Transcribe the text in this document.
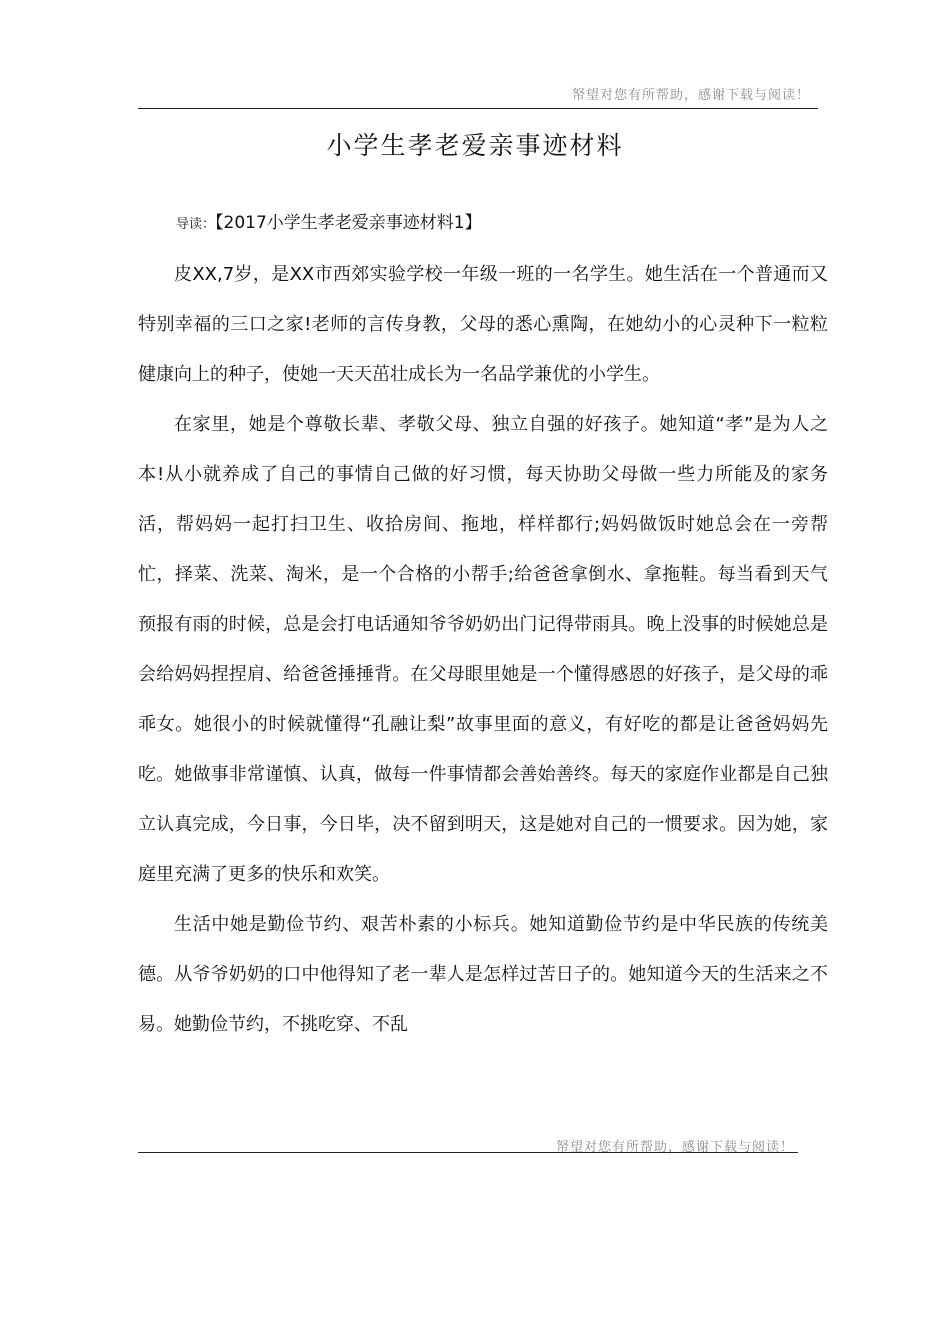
帑望对您有所帮助，感谢下载与阅读！
小学生孝老爱亲事迹材料
导读：【2017小学生孝老爱亲事迹材料1】

皮XX,7岁，是XX市西郊实验学校一年级一班的一名学生。她生活在一个普通而又特别幸福的三口之家!老师的言传身教，父母的悉心熏陶，在她幼小的心灵种下一粒粒健康向上的种子，使她一天天茁壮成长为一名品学兼优的小学生。

在家里，她是个尊敬长辈、孝敬父母、独立自强的好孩子。她知道“孝”是为人之本!从小就养成了自己的事情自己做的好习惯，每天协助父母做一些力所能及的家务活，帮妈妈一起打扫卫生、收拾房间、拖地，样样都行;妈妈做饭时她总会在一旁帮忙，择菜、洗菜、淘米，是一个合格的小帮手;给爸爸拿倒水、拿拖鞋。每当看到天气预报有雨的时候，总是会打电话通知爷爷奶奶出门记得带雨具。晚上没事的时候她总是会给妈妈捏捏肩、给爸爸捶捶背。在父母眼里她是一个懂得感恩的好孩子，是父母的乖乖女。她很小的时候就懂得“孔融让梨”故事里面的意义，有好吃的都是让爸爸妈妈先吃。她做事非常谨慎、认真，做每一件事情都会善始善终。每天的家庭作业都是自己独立认真完成，今日事，今日毕，决不留到明天，这是她对自己的一惯要求。因为她，家庭里充满了更多的快乐和欢笑。

生活中她是勤俭节约、艰苦朴素的小标兵。她知道勤俭节约是中华民族的传统美德。从爷爷奶奶的口中他得知了老一辈人是怎样过苦日子的。她知道今天的生活来之不易。她勤俭节约，不挑吃穿、不乱

帑望对您有所帮助，感谢下载与阅读！
